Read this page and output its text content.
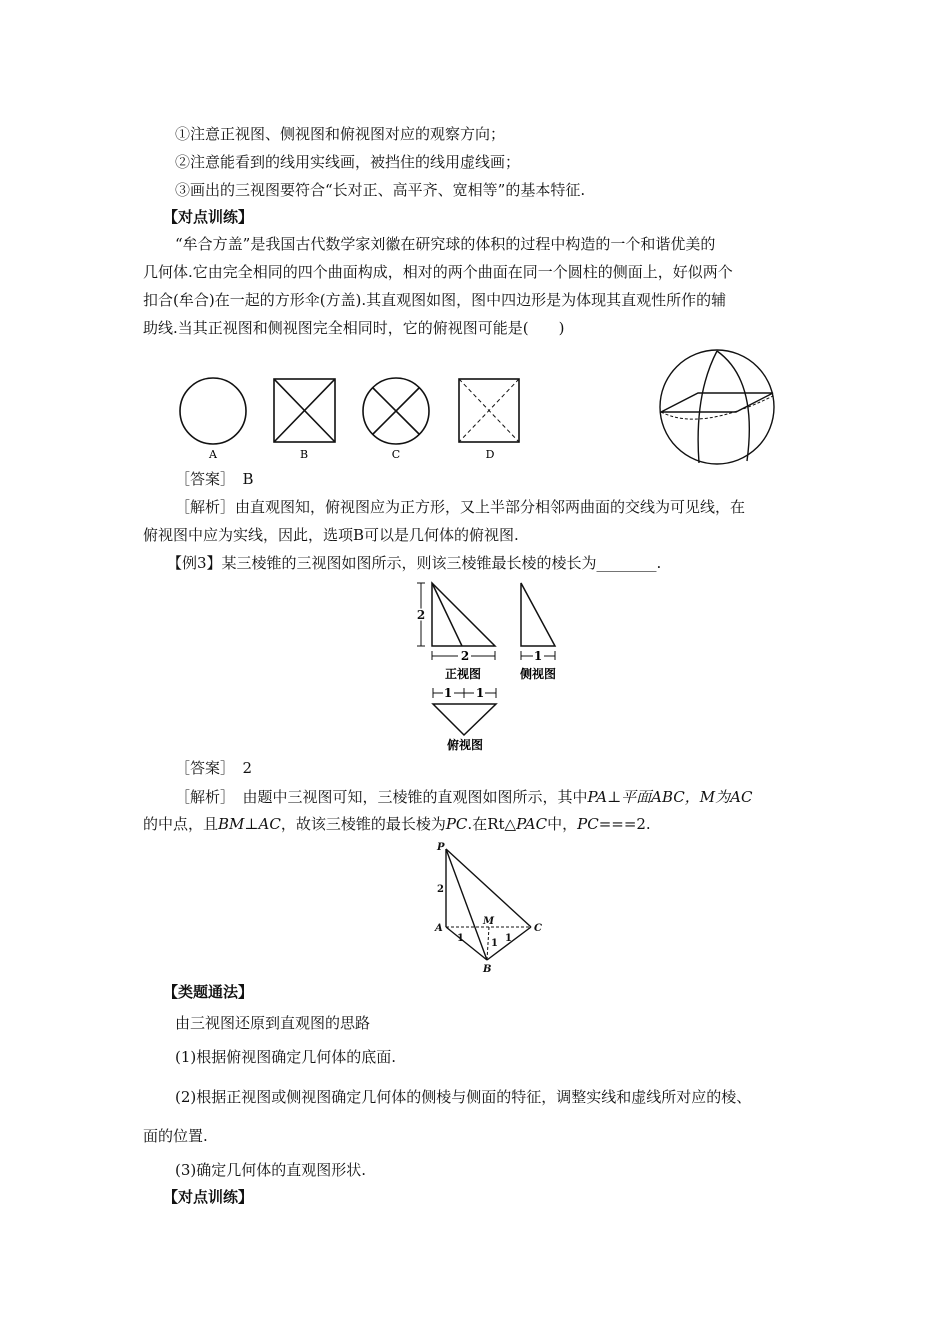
①注意正视图、侧视图和俯视图对应的观察方向；
②注意能看到的线用实线画，被挡住的线用虚线画；
③画出的三视图要符合“长对正、高平齐、宽相等”的基本特征.
【对点训练】
“牟合方盖”是我国古代数学家刘徽在研究球的体积的过程中构造的一个和谐优美的
几何体.它由完全相同的四个曲面构成，相对的两个曲面在同一个圆柱的侧面上，好似两个
扣合(牟合)在一起的方形伞(方盖).其直观图如图，图中四边形是为体现其直观性所作的辅
助线.当其正视图和侧视图完全相同时，它的俯视图可能是(　　)
A	B	C	D
［答案］　B
［解析］由直观图知，俯视图应为正方形，又上半部分相邻两曲面的交线为可见线，在
俯视图中应为实线，因此，选项B可以是几何体的俯视图.
【例3】某三棱锥的三视图如图所示，则该三棱锥最长棱的棱长为________.
2
2	1
1 1
正视图	侧视图
俯视图
［答案］　2
［解析］　由题中三视图可知，三棱锥的直观图如图所示，其中PA⊥平面ABC，M为AC
的中点，且BM⊥AC，故该三棱锥的最长棱为PC.在Rt△PAC中，PC===2.
P
A	C
B
M
2
1	1 1
【类题通法】
由三视图还原到直观图的思路
(1)根据俯视图确定几何体的底面.
(2)根据正视图或侧视图确定几何体的侧棱与侧面的特征，调整实线和虚线所对应的棱、
面的位置.
(3)确定几何体的直观图形状.
【对点训练】
